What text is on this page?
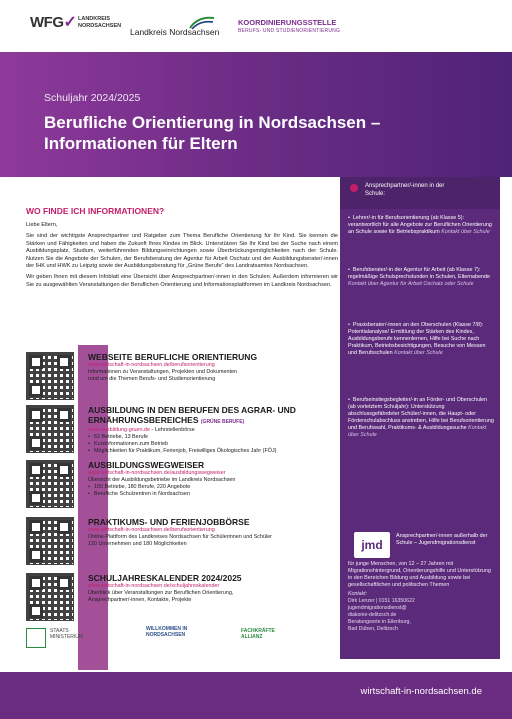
WFG✓ LANDKREIS NORDSACHSEN
Landkreis Nordsachsen
KOORDINIERUNGSSTELLE
BERUFS- UND STUDIENORIENTIERUNG
Schuljahr 2024/2025
Berufliche Orientierung in Nordsachsen –
Informationen für Eltern
WO FINDE ICH INFORMATIONEN?
Liebe Eltern,
Sie sind der wichtigste Ansprechpartner und Ratgeber zum Thema Berufliche Orientierung für Ihr Kind. Sie kennen die Stärken und Fähigkeiten und haben die Zukunft Ihres Kindes im Blick. Unterstützen Sie Ihr Kind bei der Suche nach einem Ausbildungsplatz, Studium, weiterführenden Bildungseinrichtungen sowie Überbrückungsmöglichkeiten nach der Schule. Nutzen Sie die Angebote der Schulen, der Berufsberatung der Agentur für Arbeit Oschatz und der Ausbildungsberater/-innen der IHK und HWK zu Leipzig sowie der Ausbildungsberatung für „Grüne Berufe“ des Landratsamtes Nordsachsen.
Wir geben Ihnen mit diesem Infoblatt eine Übersicht über Ansprechpartner/-innen in den Schulen. Außerdem informieren wir Sie zu ausgewählten Veranstaltungen der Beruflichen Orientierung und Informationsplattformen im Landkreis Nordsachsen.
WEBSEITE BERUFLICHE ORIENTIERUNG
www.wirtschaft-in-nordsachsen.de/berufsorientierung
Informationen zu Veranstaltungen, Projekten und Dokumenten
rund um die Themen Berufs- und Studienorientierung
AUSBILDUNG IN DEN BERUFEN DES AGRAR- UND ERNÄHRUNGSBEREICHES (GRÜNE BERUFE)
www.ausbildung-gruen.de - Lehrstellenbörse
• 62 Betriebe, 13 Berufe
• Kurzinformationen zum Betrieb
• Möglichkeiten für Praktikum, Ferienjob, Freiwilliges Ökologisches Jahr (FÖJ)
AUSBILDUNGSWEGWEISER
www.wirtschaft-in-nordsachsen.de/ausbildungswegweiser
Übersicht der Ausbildungsbetriebe im Landkreis Nordsachsen
• 150 Betriebe, 180 Berufe, 220 Angebote
• Berufliche Schulzentren in Nordsachsen
PRAKTIKUMS- UND FERIENJOBBÖRSE
www.wirtschaft-in-nordsachsen.de/berufsorientierung
Online-Plattform des Landkreises Nordsachsen für Schülerinnen und Schüler
120 Unternehmen und 180 Möglichkeiten
SCHULJAHRESKALENDER 2024/2025
www.wirtschaft-in-nordsachsen.de/schuljahreskalender
Überblick über Veranstaltungen zur Beruflichen Orientierung,
Ansprechpartner/-innen, Kontakte, Projekte
Ansprechpartner/-innen in der Schule:
• Lehrer/-in für Berufsorientierung (ab Klasse 5): verantwortlich für alle Angebote zur Beruflichen Orientierung an Schule sowie für Betriebspraktikum Kontakt über Schule
• Berufsberater/-in der Agentur für Arbeit (ab Klasse 7): regelmäßige Schulsprechstunden in Schulen, Elternabende Kontakt über Agentur für Arbeit Oschatz oder Schule
• Praxisberater/-innen an den Oberschulen (Klasse 7/8): Potentialanalyse/ Ermittlung der Stärken des Kindes, Ausbildungsberufe kennenlernen, Hilfe bei Suche nach Praktikum, Betriebsbesichtigungen, Besuche von Messen und Berufsschulen Kontakt über Schule
• Berufseinstiegsbegleiter/-in an Förder- und Oberschulen (ab vorletztem Schuljahr): Unterstützung abschlussgefährdeter Schüler/-innen, die Haupt- oder Förderschulabschluss anstreben, Hilfe bei Berufsorientierung und Berufswahl, Praktikums- & Ausbildungssuche Kontakt über Schule
jmd
Ansprechpartner/-innen außerhalb der Schule – Jugendmigrationsdienst
für junge Menschen, von 12 – 27 Jahren mit Migrationshintergrund, Orientierungshilfe und Unterstützung in den Bereichen Bildung und Ausbildung sowie bei gesellschaftlichen und politischen Themen
Kontakt:
Dirk Lenzer | 0151 16350622
jugendmigrationsdienst@
diakonie-delitzsch.de
Beratungsorte in Eilenburg,
Bad Düben, Delitzsch
STAATS MINISTERIUM
WILLKOMMEN IN NORDSACHSEN
FACHKRÄFTE ALLIANZ
wirtschaft-in-nordsachsen.de
